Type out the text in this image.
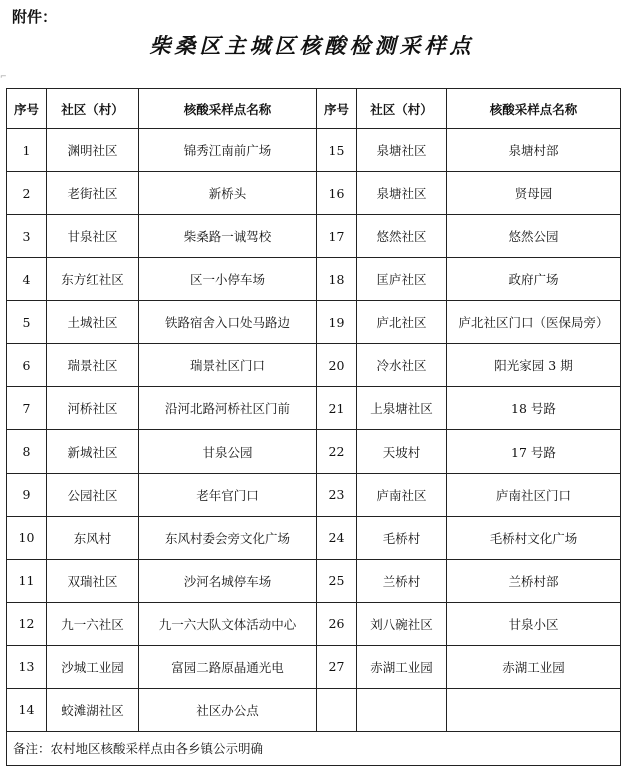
附件：
柴桑区主城区核酸检测采样点
⌐
序号	社区（村）	核酸采样点名称	序号	社区（村）	核酸采样点名称
1	渊明社区	锦秀江南前广场	15	泉塘社区	泉塘村部
2	老街社区	新桥头	16	泉塘社区	贤母园
3	甘泉社区	柴桑路一诚驾校	17	悠然社区	悠然公园
4	东方红社区	区一小停车场	18	匡庐社区	政府广场
5	土城社区	铁路宿舍入口处马路边	19	庐北社区	庐北社区门口（医保局旁）
6	瑞景社区	瑞景社区门口	20	冷水社区	阳光家园 3 期
7	河桥社区	沿河北路河桥社区门前	21	上泉塘社区	18 号路
8	新城社区	甘泉公园	22	天坡村	17 号路
9	公园社区	老年官门口	23	庐南社区	庐南社区门口
10	东风村	东风村委会旁文化广场	24	毛桥村	毛桥村文化广场
11	双瑞社区	沙河名城停车场	25	兰桥村	兰桥村部
12	九一六社区	九一六大队文体活动中心	26	刘八碗社区	甘泉小区
13	沙城工业园	富园二路原晶通光电	27	赤湖工业园	赤湖工业园
14	蛟滩湖社区	社区办公点			
备注：农村地区核酸采样点由各乡镇公示明确					
